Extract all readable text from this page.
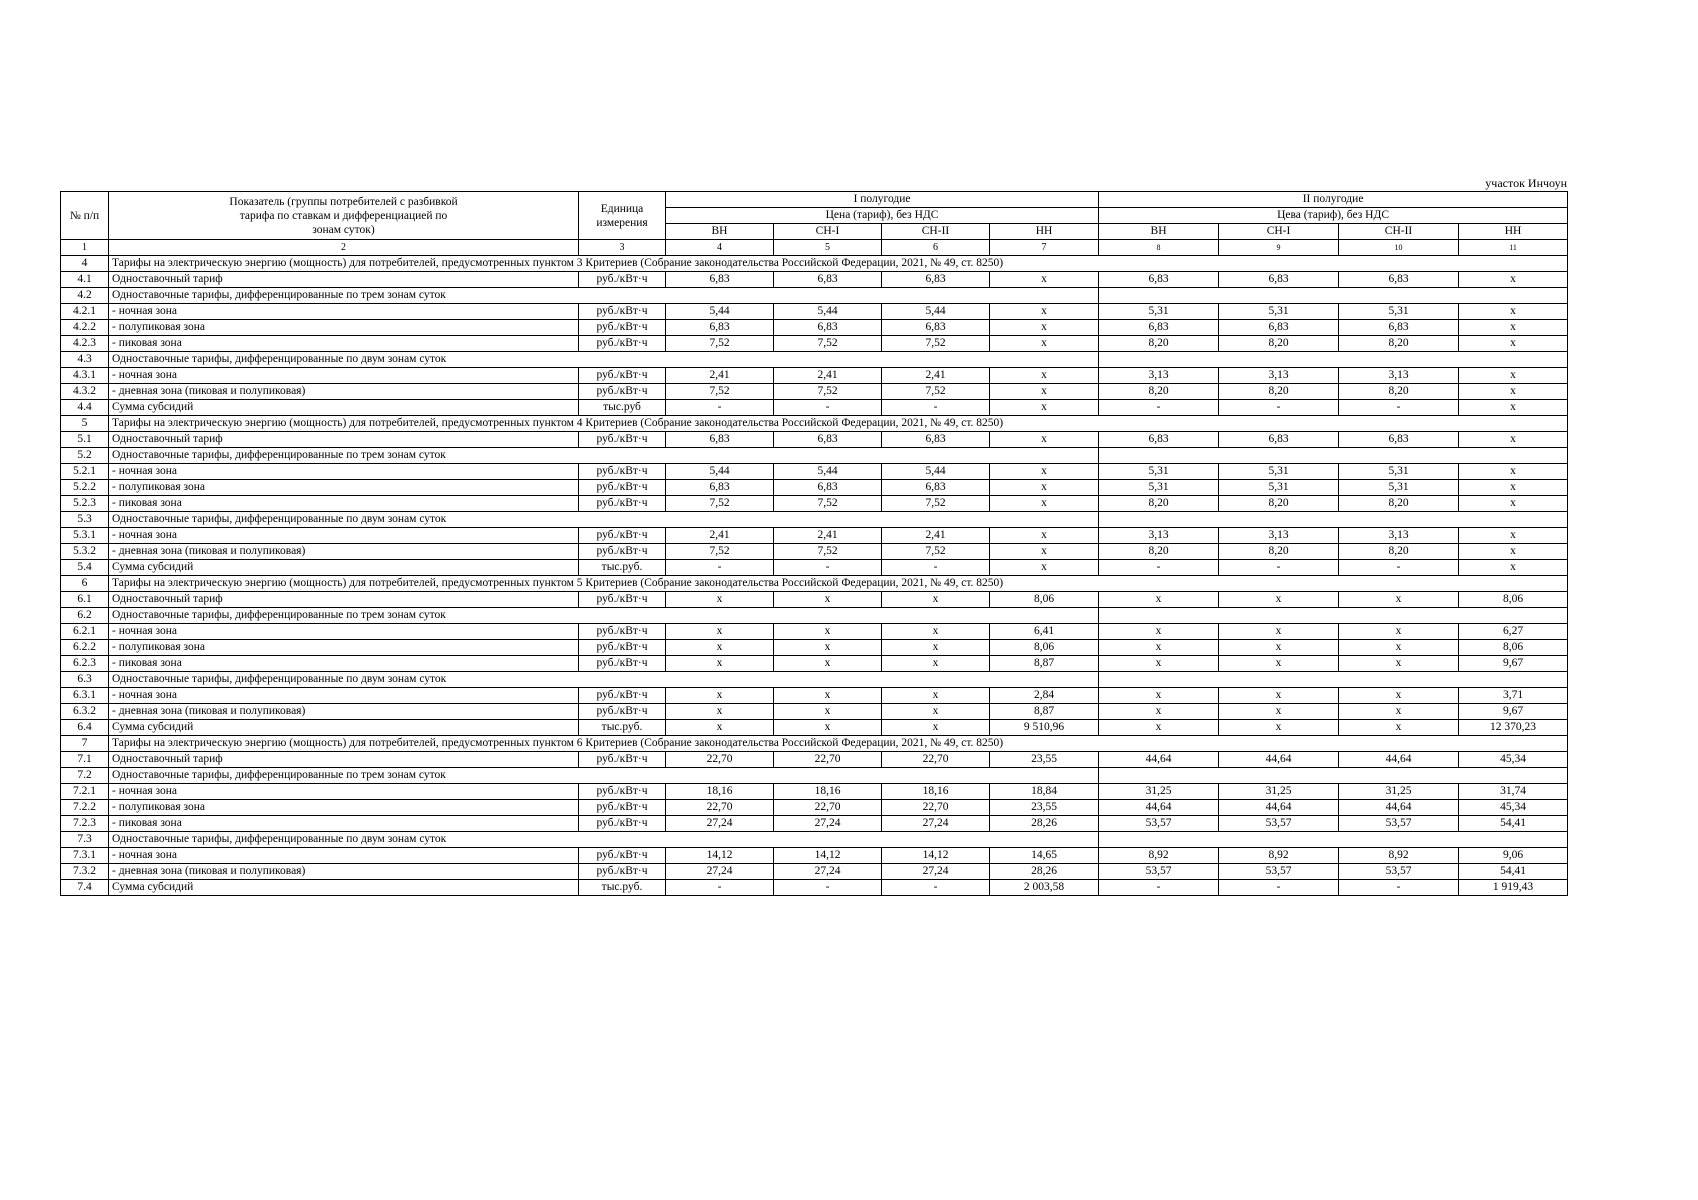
участок Инчоун
№ п/п	Показатель (группы потребителей с разбивкой тарифа по ставкам и дифференциацией по зонам суток)	Единица измерения	I полугодие				II полугодие			
			Цена (тариф), без НДС				Цева (тариф), без НДС			
			ВН	СН-I	СН-II	НН	ВН	СН-I	СН-II	НН
1	2	3	4	5	6	7	8	9	10	11
4	Тарифы на электрическую энергию (мощность) для потребителей, предусмотренных пунктом 3 Критериев (Собрание законодательства Российской Федерации, 2021, № 49, ст. 8250)									
4.1	Одноставочный тариф	руб./кВт·ч	6,83	6,83	6,83	х	6,83	6,83	6,83	х
4.2	Одноставочные тарифы, дифференцированные по трем зонам суток									
4.2.1	- ночная зона	руб./кВт·ч	5,44	5,44	5,44	х	5,31	5,31	5,31	х
4.2.2	- полупиковая зона	руб./кВт·ч	6,83	6,83	6,83	х	6,83	6,83	6,83	х
4.2.3	- пиковая зона	руб./кВт·ч	7,52	7,52	7,52	х	8,20	8,20	8,20	х
4.3	Одноставочные тарифы, дифференцированные по двум зонам суток									
4.3.1	- ночная зона	руб./кВт·ч	2,41	2,41	2,41	х	3,13	3,13	3,13	х
4.3.2	- дневная зона (пиковая и полупиковая)	руб./кВт·ч	7,52	7,52	7,52	х	8,20	8,20	8,20	х
4.4	Сумма субсидий	тыс.руб	-	-	-	х	-	-	-	х
5	Тарифы на электрическую энергию (мощность) для потребителей, предусмотренных пунктом 4 Критериев (Собрание законодательства Российской Федерации, 2021, № 49, ст. 8250)									
5.1	Одноставочный тариф	руб./кВт·ч	6,83	6,83	6,83	х	6,83	6,83	6,83	х
5.2	Одноставочные тарифы, дифференцированные по трем зонам суток									
5.2.1	- ночная зона	руб./кВт·ч	5,44	5,44	5,44	х	5,31	5,31	5,31	х
5.2.2	- полупиковая зона	руб./кВт·ч	6,83	6,83	6,83	х	5,31	5,31	5,31	х
5.2.3	- пиковая зона	руб./кВт·ч	7,52	7,52	7,52	х	8,20	8,20	8,20	х
5.3	Одноставочные тарифы, дифференцированные по двум зонам суток									
5.3.1	- ночная зона	руб./кВт·ч	2,41	2,41	2,41	х	3,13	3,13	3,13	х
5.3.2	- дневная зона (пиковая и полупиковая)	руб./кВт·ч	7,52	7,52	7,52	х	8,20	8,20	8,20	х
5.4	Сумма субсидий	тыс.руб.	-	-	-	х	-	-	-	х
6	Тарифы на электрическую энергию (мощность) для потребителей, предусмотренных пунктом 5 Критериев (Собрание законодательства Российской Федерации, 2021, № 49, ст. 8250)									
6.1	Одноставочный тариф	руб./кВт·ч	х	х	х	8,06	х	х	х	8,06
6.2	Одноставочные тарифы, дифференцированные по трем зонам суток									
6.2.1	- ночная зона	руб./кВт·ч	х	х	х	6,41	х	х	х	6,27
6.2.2	- полупиковая зона	руб./кВт·ч	х	х	х	8,06	х	х	х	8,06
6.2.3	- пиковая зона	руб./кВт·ч	х	х	х	8,87	х	х	х	9,67
6.3	Одноставочные тарифы, дифференцированные по двум зонам суток									
6.3.1	- ночная зона	руб./кВт·ч	х	х	х	2,84	х	х	х	3,71
6.3.2	- дневная зона (пиковая и полупиковая)	руб./кВт·ч	х	х	х	8,87	х	х	х	9,67
6.4	Сумма субсидий	тыс.руб.	х	х	х	9 510,96	х	х	х	12 370,23
7	Тарифы на электрическую энергию (мощность) для потребителей, предусмотренных пунктом 6 Критериев (Собрание законодательства Российской Федерации, 2021, № 49, ст. 8250)									
7.1	Одноставочный тариф	руб./кВт·ч	22,70	22,70	22,70	23,55	44,64	44,64	44,64	45,34
7.2	Одноставочные тарифы, дифференцированные по трем зонам суток									
7.2.1	- ночная зона	руб./кВт·ч	18,16	18,16	18,16	18,84	31,25	31,25	31,25	31,74
7.2.2	- полупиковая зона	руб./кВт·ч	22,70	22,70	22,70	23,55	44,64	44,64	44,64	45,34
7.2.3	- пиковая зона	руб./кВт·ч	27,24	27,24	27,24	28,26	53,57	53,57	53,57	54,41
7.3	Одноставочные тарифы, дифференцированные по двум зонам суток									
7.3.1	- ночная зона	руб./кВт·ч	14,12	14,12	14,12	14,65	8,92	8,92	8,92	9,06
7.3.2	- дневная зона (пиковая и полупиковая)	руб./кВт·ч	27,24	27,24	27,24	28,26	53,57	53,57	53,57	54,41
7.4	Сумма субсидий	тыс.руб.	-	-	-	2 003,58	-	-	-	1 919,43
